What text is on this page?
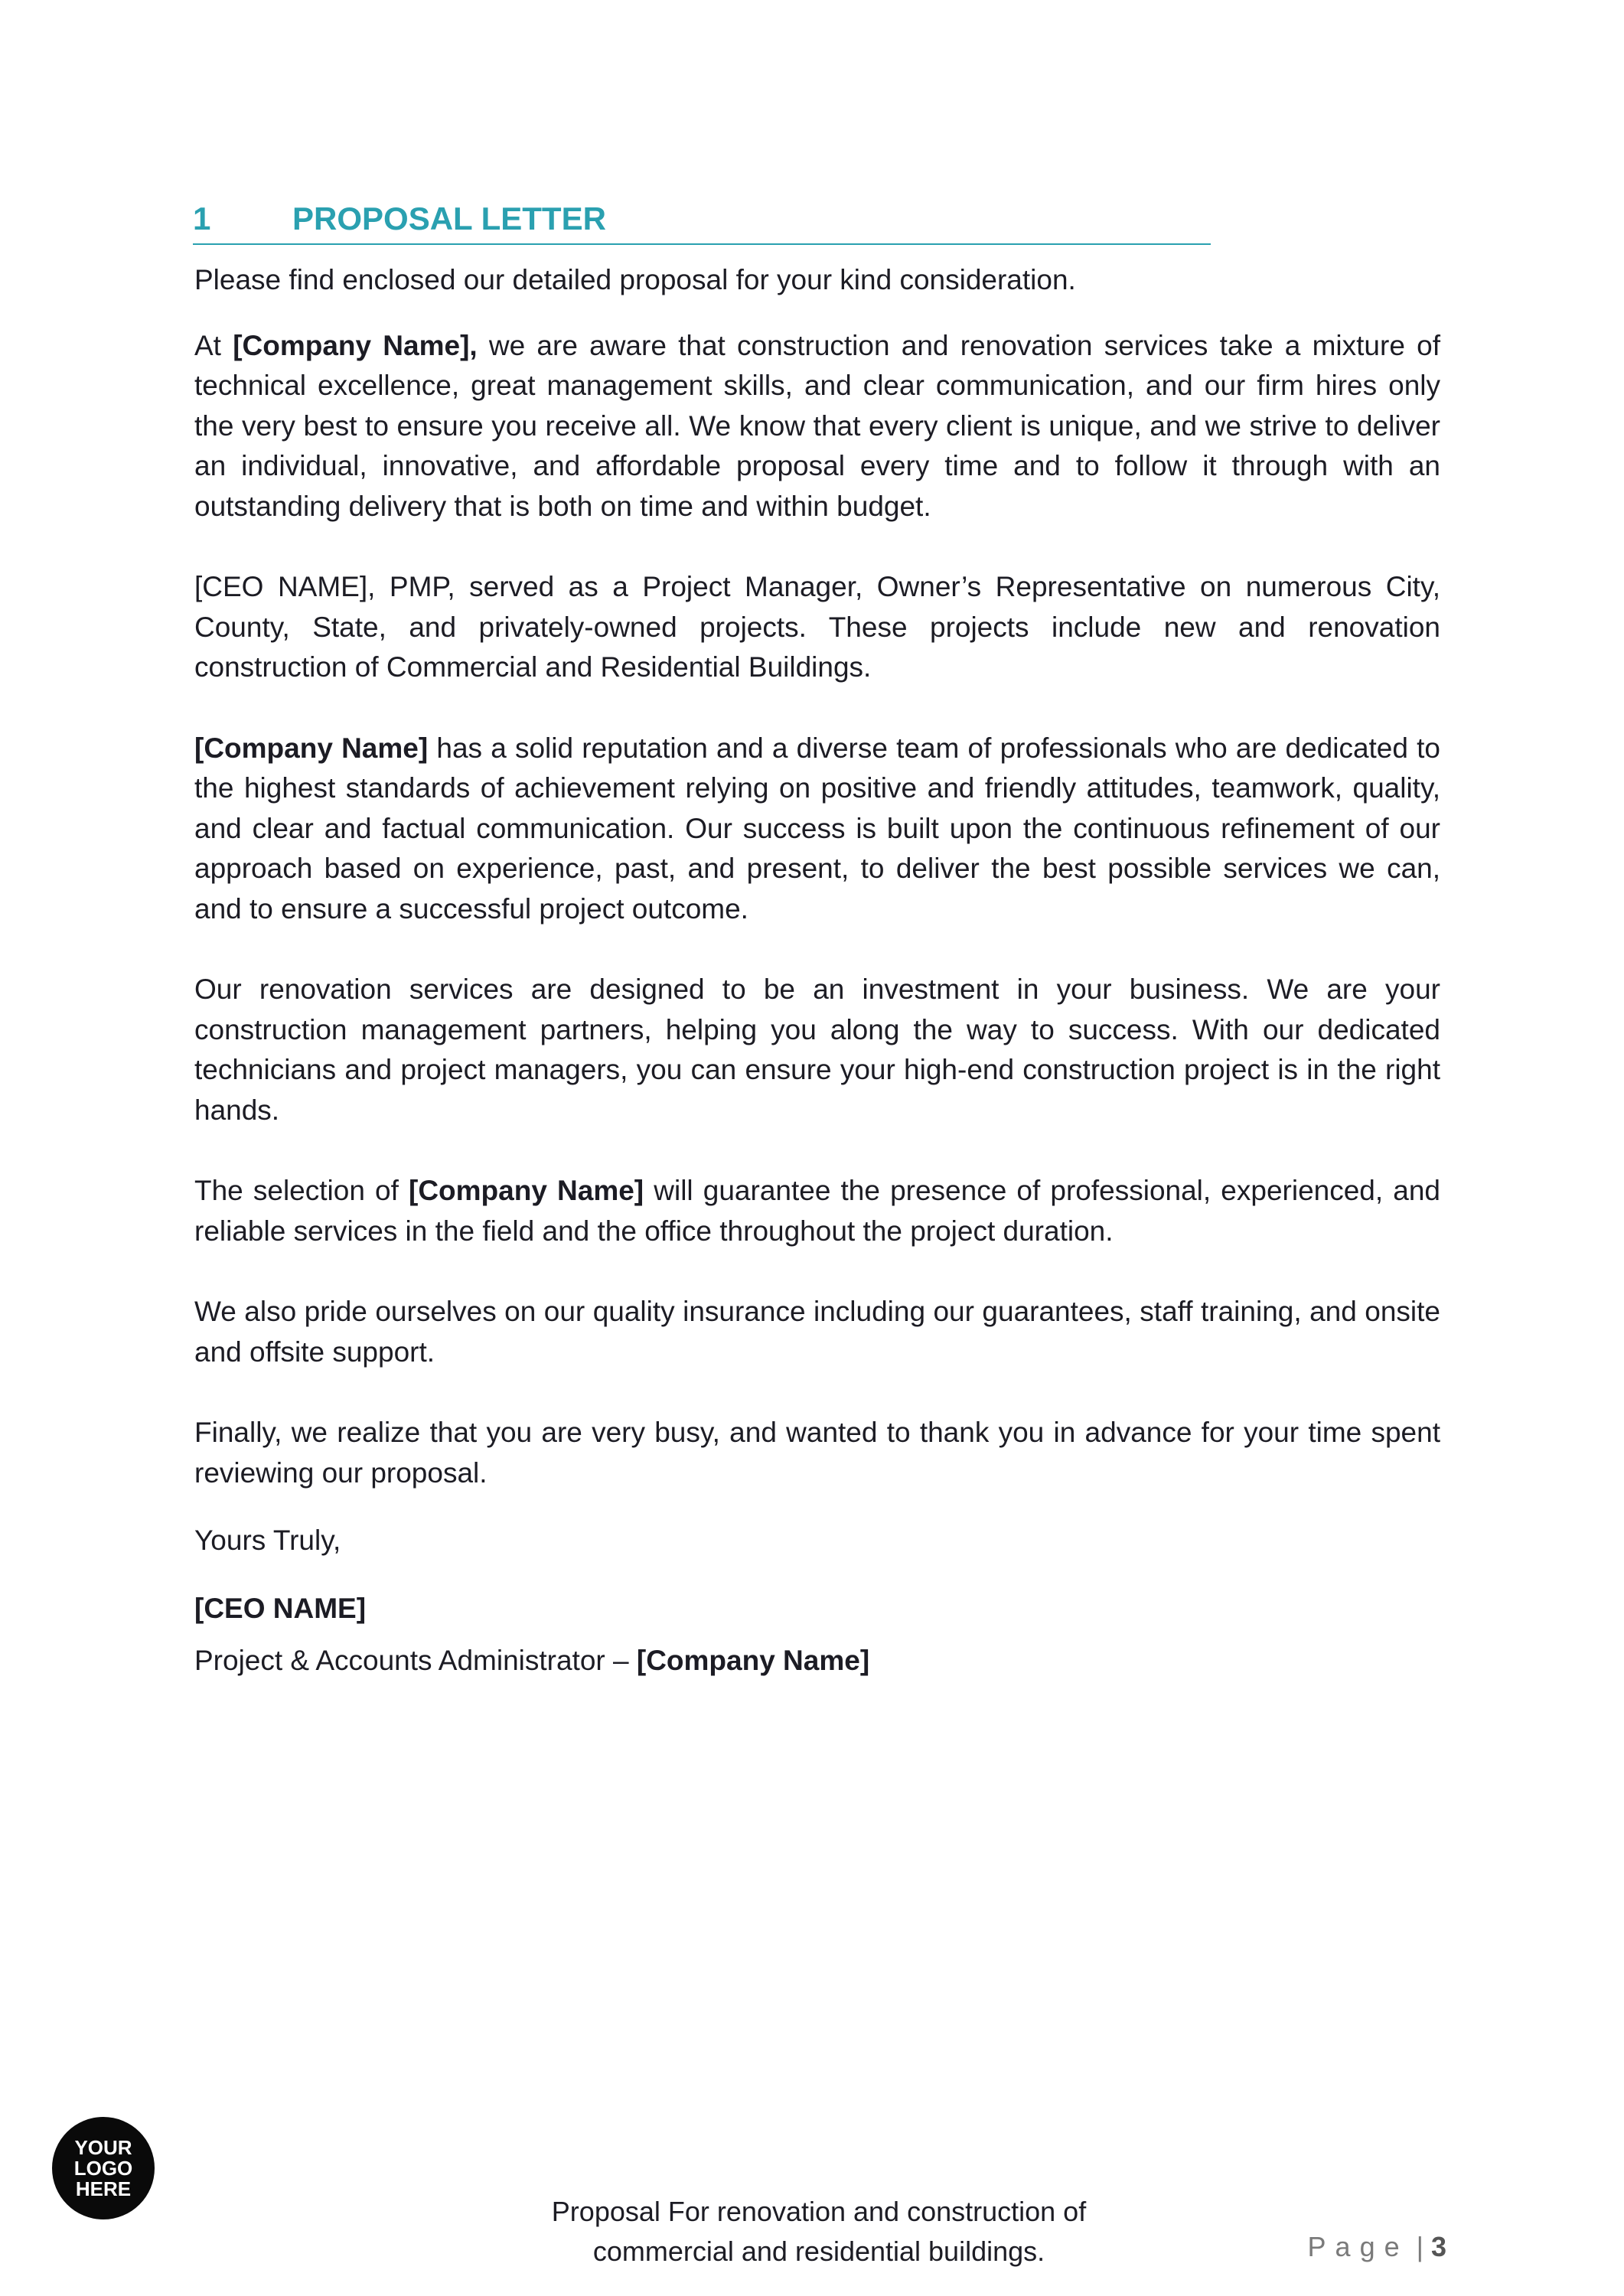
1	PROPOSAL LETTER

Please find enclosed our detailed proposal for your kind consideration.

At [Company Name], we are aware that construction and renovation services take a mixture of technical excellence, great management skills, and clear communication, and our firm hires only the very best to ensure you receive all. We know that every client is unique, and we strive to deliver an individual, innovative, and affordable proposal every time and to follow it through with an outstanding delivery that is both on time and within budget.

[CEO NAME], PMP, served as a Project Manager, Owner’s Representative on numerous City, County, State, and privately-owned projects. These projects include new and renovation construction of Commercial and Residential Buildings.

[Company Name] has a solid reputation and a diverse team of professionals who are dedicated to the highest standards of achievement relying on positive and friendly attitudes, teamwork, quality, and clear and factual communication. Our success is built upon the continuous refinement of our approach based on experience, past, and present, to deliver the best possible services we can, and to ensure a successful project outcome.

Our renovation services are designed to be an investment in your business. We are your construction management partners, helping you along the way to success. With our dedicated technicians and project managers, you can ensure your high-end construction project is in the right hands.

The selection of [Company Name] will guarantee the presence of professional, experienced, and reliable services in the field and the office throughout the project duration.

We also pride ourselves on our quality insurance including our guarantees, staff training, and onsite and offsite support.

Finally, we realize that you are very busy, and wanted to thank you in advance for your time spent reviewing our proposal.

Yours Truly,

[CEO NAME]

Project & Accounts Administrator – [Company Name]

YOUR
LOGO
HERE
Proposal For renovation and construction of
commercial and residential buildings.	Page | 3
